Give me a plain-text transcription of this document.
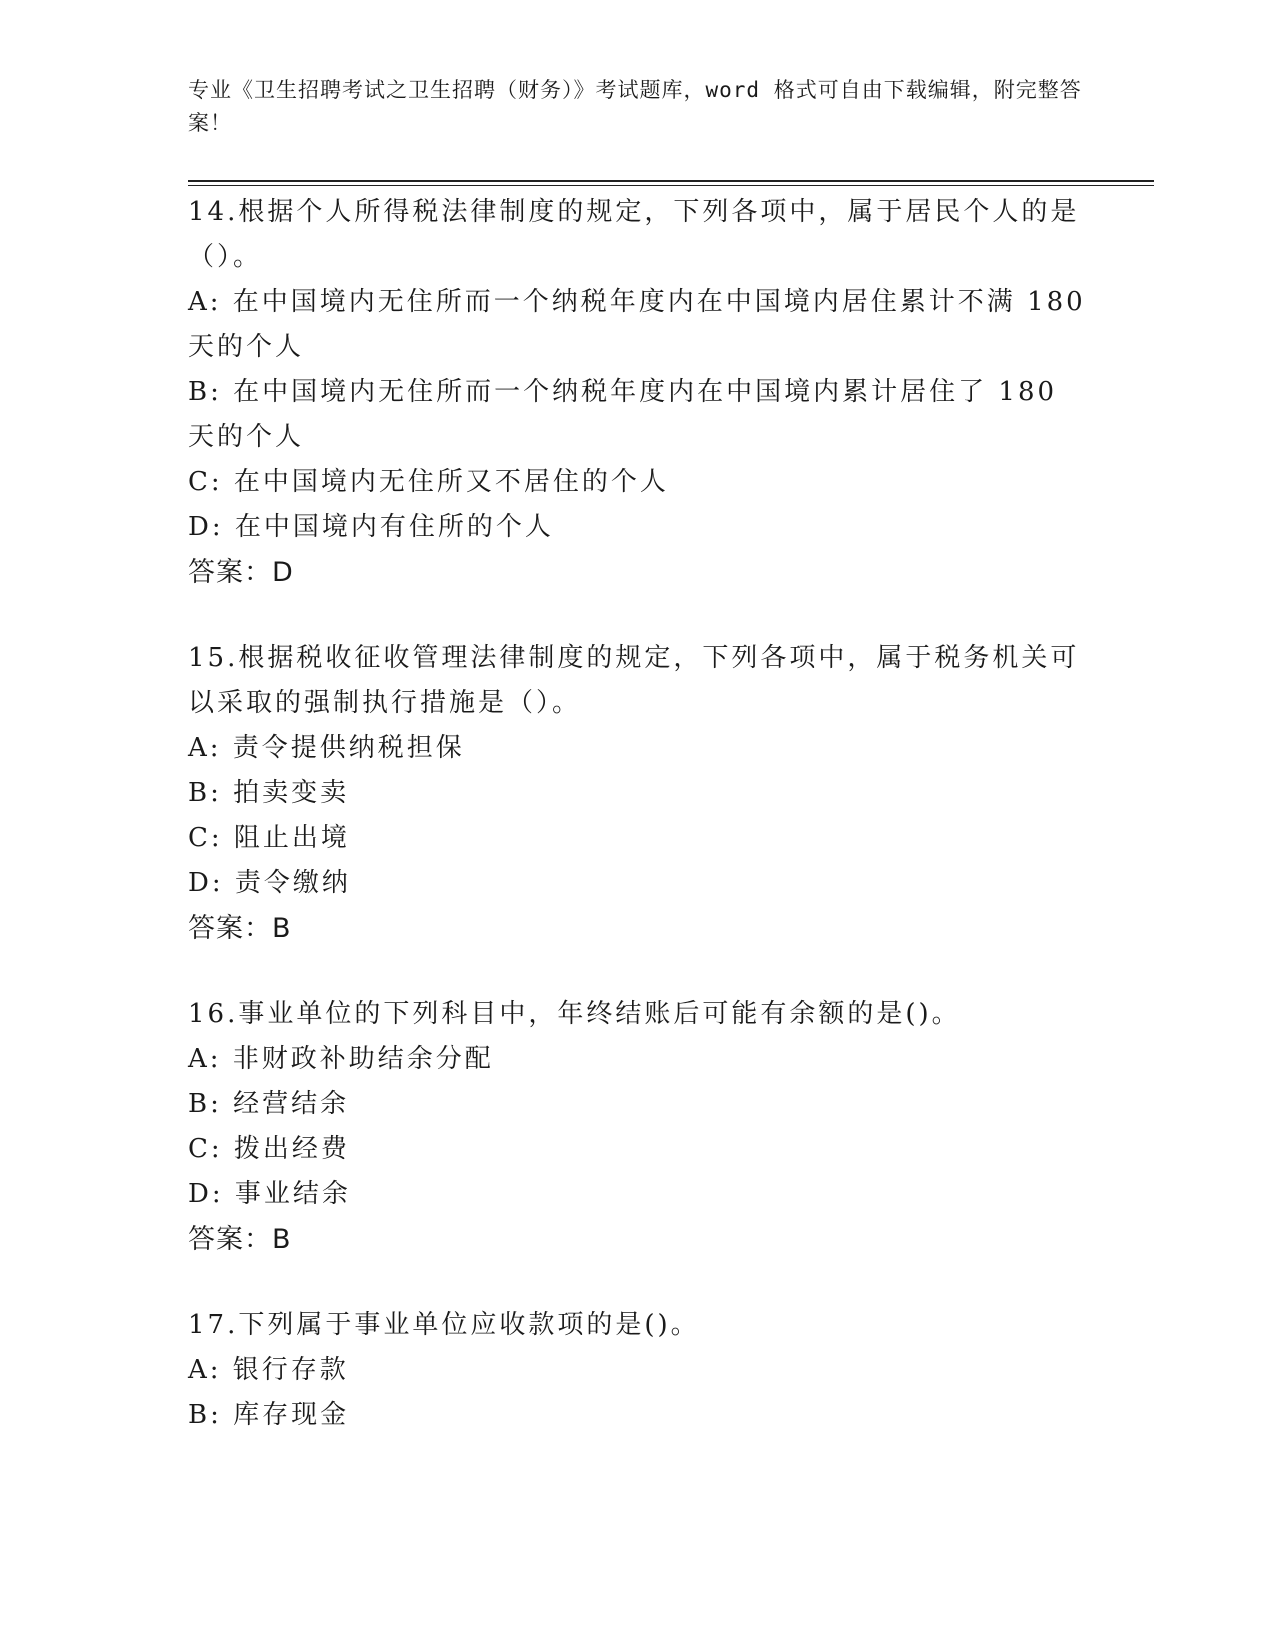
专业《卫生招聘考试之卫生招聘（财务）》考试题库，word 格式可自由下载编辑，附完整答案！
14.根据个人所得税法律制度的规定，下列各项中，属于居民个人的是（）。
A: 在中国境内无住所而一个纳税年度内在中国境内居住累计不满 180 天的个人
B: 在中国境内无住所而一个纳税年度内在中国境内累计居住了 180 天的个人
C: 在中国境内无住所又不居住的个人
D: 在中国境内有住所的个人
答案：D
15.根据税收征收管理法律制度的规定，下列各项中，属于税务机关可以采取的强制执行措施是（）。
A: 责令提供纳税担保
B: 拍卖变卖
C: 阻止出境
D: 责令缴纳
答案：B
16.事业单位的下列科目中，年终结账后可能有余额的是()。
A: 非财政补助结余分配
B: 经营结余
C: 拨出经费
D: 事业结余
答案：B
17.下列属于事业单位应收款项的是()。
A: 银行存款
B: 库存现金
